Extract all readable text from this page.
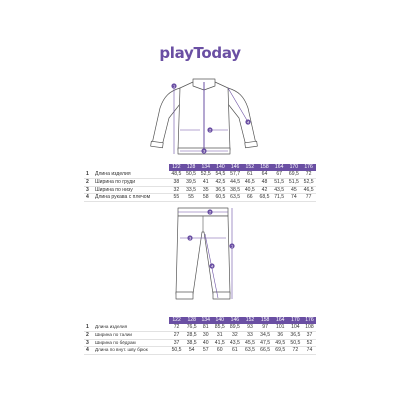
playToday
1
2
3
4
		122	128	134	140	146	152	158	164	170	176
1	Длина изделия	48,5	50,5	52,5	54,5	57,7	61	64	67	69,5	72
2	Ширина по груди	38	39,5	41	42,5	44,5	46,5	48	51,5	51,5	52,5
3	Ширина по низу	32	33,5	35	36,5	38,5	40,5	42	43,5	45	46,5
4	Длина рукава с плечом	55	55	58	60,5	63,5	66	68,5	71,5	74	77
1
2
3
4
		122	128	134	140	146	152	158	164	170	176
1	Длина изделия	72	76,5	81	85,5	89,5	93	97	101	104	108
2	Ширина по талии	27	28,5	30	31	32	33	34,5	36	36,5	37
3	Ширина по бёдрам	37	38,5	40	41,5	43,5	45,5	47,5	49,5	50,5	52
4	Длина по внут. шву брюк	50,5	54	57	60	61	63,5	66,5	69,5	72	74
